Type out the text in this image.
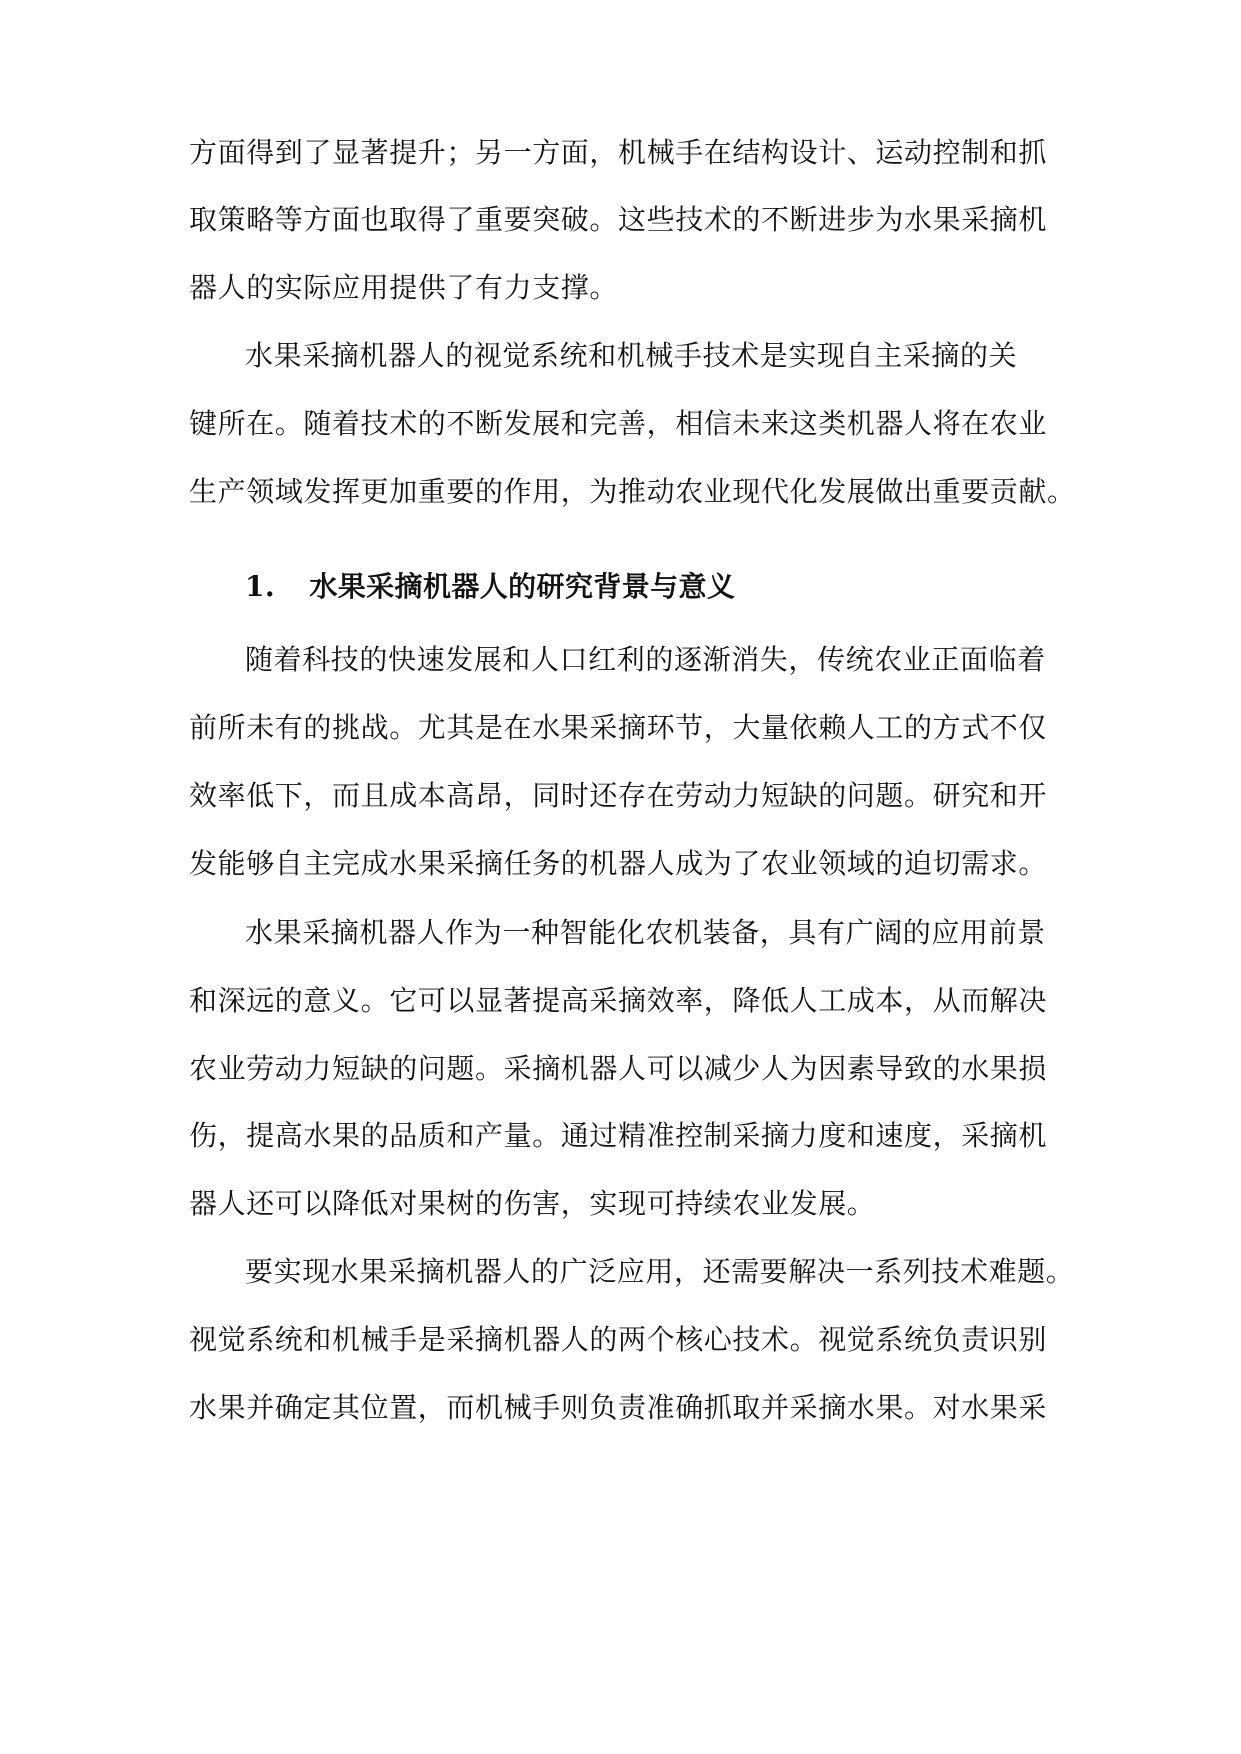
方面得到了显著提升；另一方面，机械手在结构设计、运动控制和抓
取策略等方面也取得了重要突破。这些技术的不断进步为水果采摘机
器人的实际应用提供了有力支撑。
水果采摘机器人的视觉系统和机械手技术是实现自主采摘的关
键所在。随着技术的不断发展和完善，相信未来这类机器人将在农业
生产领域发挥更加重要的作用，为推动农业现代化发展做出重要贡献。
1. 水果采摘机器人的研究背景与意义
随着科技的快速发展和人口红利的逐渐消失，传统农业正面临着
前所未有的挑战。尤其是在水果采摘环节，大量依赖人工的方式不仅
效率低下，而且成本高昂，同时还存在劳动力短缺的问题。研究和开
发能够自主完成水果采摘任务的机器人成为了农业领域的迫切需求。
水果采摘机器人作为一种智能化农机装备，具有广阔的应用前景
和深远的意义。它可以显著提高采摘效率，降低人工成本，从而解决
农业劳动力短缺的问题。采摘机器人可以减少人为因素导致的水果损
伤，提高水果的品质和产量。通过精准控制采摘力度和速度，采摘机
器人还可以降低对果树的伤害，实现可持续农业发展。
要实现水果采摘机器人的广泛应用，还需要解决一系列技术难题。
视觉系统和机械手是采摘机器人的两个核心技术。视觉系统负责识别
水果并确定其位置，而机械手则负责准确抓取并采摘水果。对水果采
